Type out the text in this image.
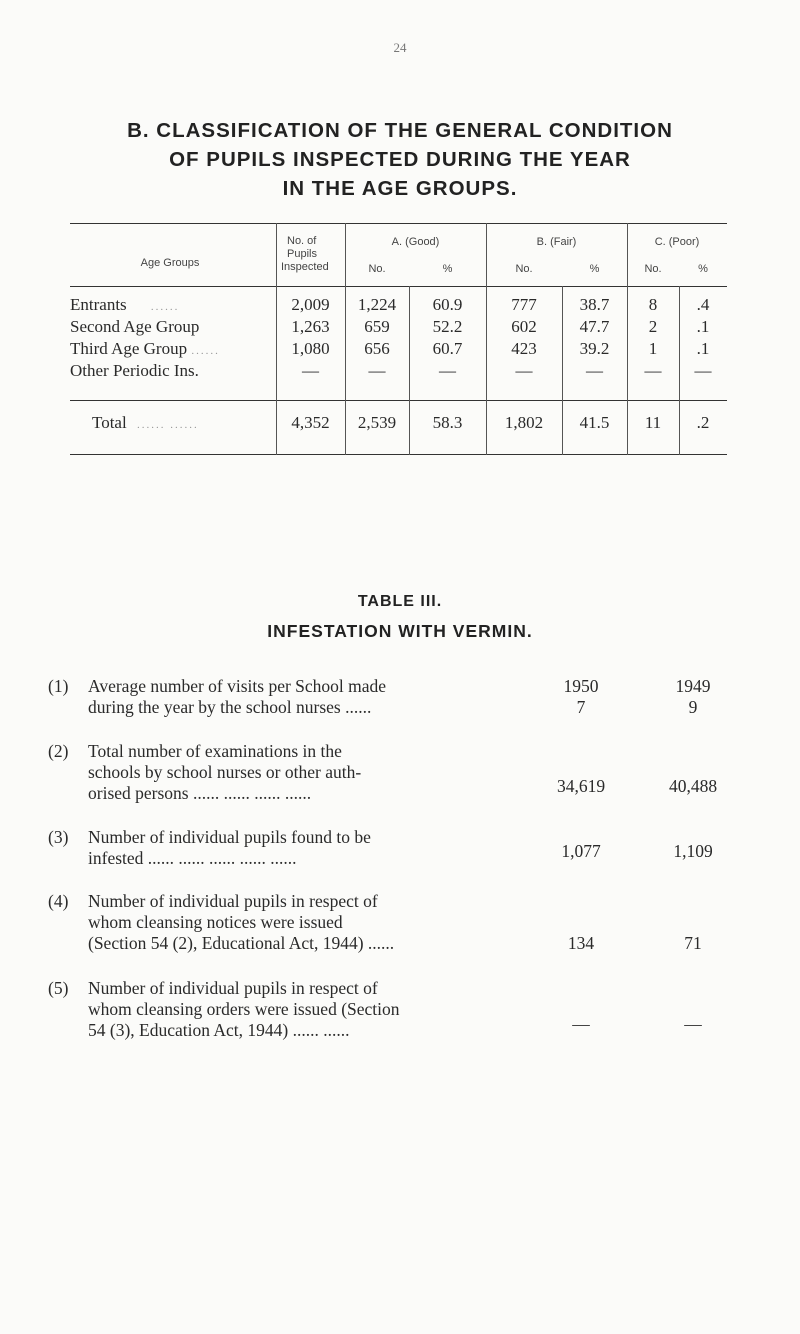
24
B. CLASSIFICATION OF THE GENERAL CONDITION
OF PUPILS INSPECTED DURING THE YEAR
IN THE AGE GROUPS.
Age Groups
No. of
Pupils
Inspected
A. (Good)
No.	%
B. (Fair)
No.	%
C. (Poor)
No.	%
Entrants ......	2,009	1,224	60.9	777	38.7	8	.4
Second Age Group	1,263	659	52.2	602	47.7	2	.1
Third Age Group ......	1,080	656	60.7	423	39.2	1	.1
Other Periodic Ins.	—	—	—	—	—	—	—
Total ...... ......	4,352	2,539	58.3	1,802	41.5	11	.2
TABLE III.
INFESTATION WITH VERMIN.
(1) Average number of visits per School made
during the year by the school nurses ......
1950	1949
7	9
(2) Total number of examinations in the
schools by school nurses or other auth-
orised persons ...... ...... ...... ......	34,619	40,488
(3) Number of individual pupils found to be
infested ...... ...... ...... ...... ......	1,077	1,109
(4) Number of individual pupils in respect of
whom cleansing notices were issued
(Section 54 (2), Educational Act, 1944) ......	134	71
(5) Number of individual pupils in respect of
whom cleansing orders were issued (Section
54 (3), Education Act, 1944) ...... ......	—	—
